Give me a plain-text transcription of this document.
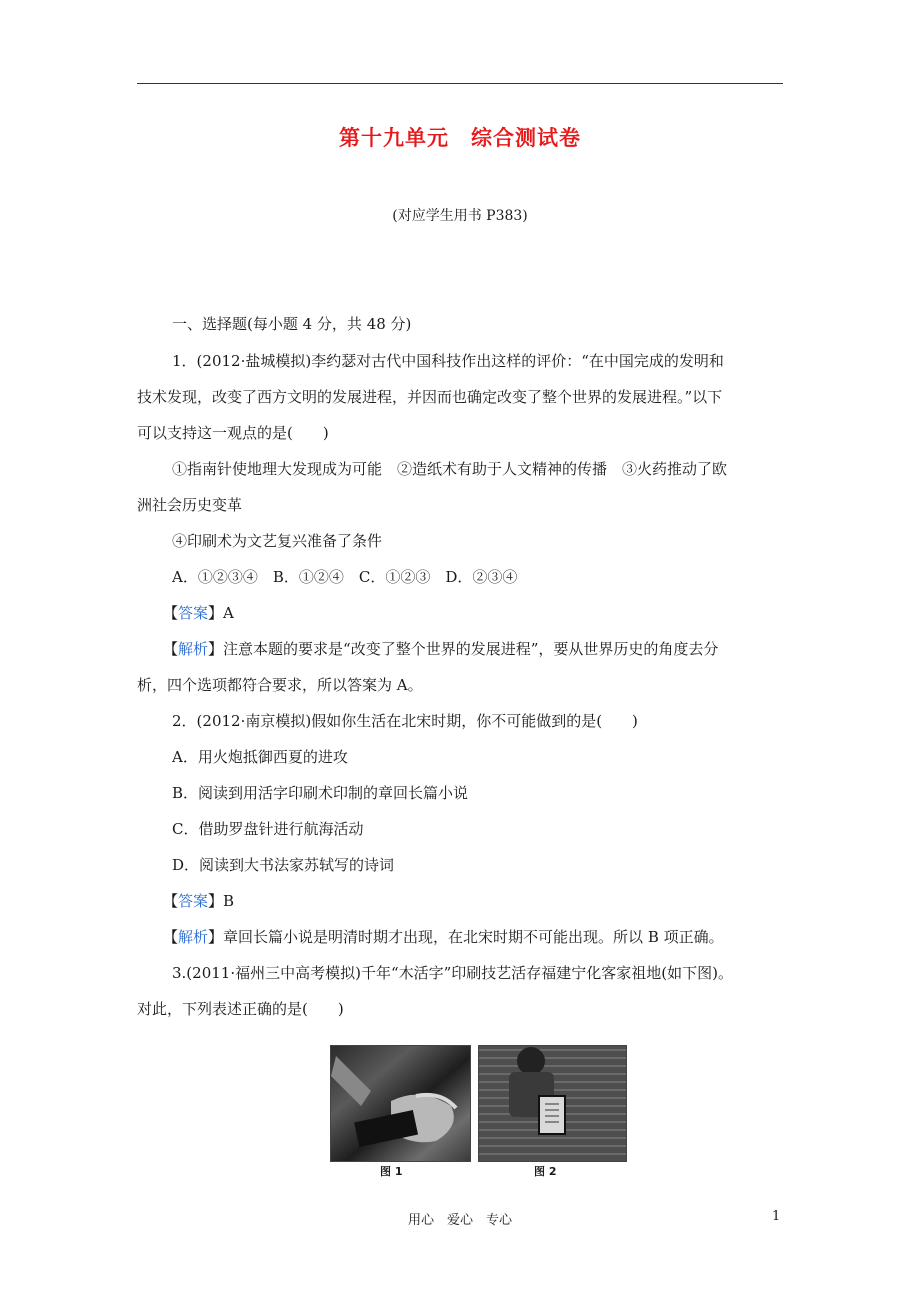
第十九单元　综合测试卷
(对应学生用书 P383)
一、选择题(每小题 4 分，共 48 分)
1．(2012·盐城模拟)李约瑟对古代中国科技作出这样的评价：“在中国完成的发明和
技术发现，改变了西方文明的发展进程，并因而也确定改变了整个世界的发展进程。”以下
可以支持这一观点的是(　　)
①指南针使地理大发现成为可能　②造纸术有助于人文精神的传播　③火药推动了欧
洲社会历史变革
④印刷术为文艺复兴准备了条件
A．①②③④　B．①②④　C．①②③　D．②③④
【答案】A
【解析】注意本题的要求是“改变了整个世界的发展进程”，要从世界历史的角度去分
析，四个选项都符合要求，所以答案为 A。
2．(2012·南京模拟)假如你生活在北宋时期，你不可能做到的是(　　)
A．用火炮抵御西夏的进攻
B．阅读到用活字印刷术印制的章回长篇小说
C．借助罗盘针进行航海活动
D．阅读到大书法家苏轼写的诗词
【答案】B
【解析】章回长篇小说是明清时期才出现，在北宋时期不可能出现。所以 B 项正确。
3.(2011·福州三中高考模拟)千年“木活字”印刷技艺活存福建宁化客家祖地(如下图)。
对此，下列表述正确的是(　　)
图 1	图 2
用心　爱心　专心	1
